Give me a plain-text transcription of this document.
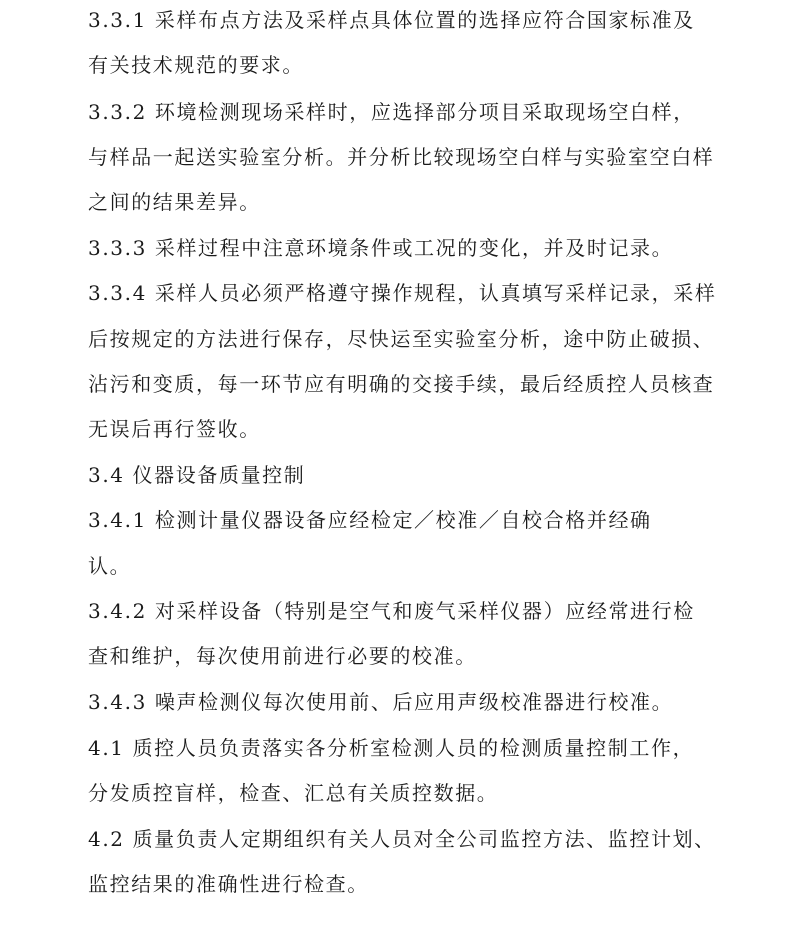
3.3.1 采样布点方法及采样点具体位置的选择应符合国家标准及

有关技术规范的要求。

3.3.2 环境检测现场采样时，应选择部分项目采取现场空白样，

与样品一起送实验室分析。并分析比较现场空白样与实验室空白样

之间的结果差异。

3.3.3 采样过程中注意环境条件或工况的变化，并及时记录。

3.3.4 采样人员必须严格遵守操作规程，认真填写采样记录，采样

后按规定的方法进行保存，尽快运至实验室分析，途中防止破损、

沾污和变质，每一环节应有明确的交接手续，最后经质控人员核查

无误后再行签收。

3.4 仪器设备质量控制

3.4.1 检测计量仪器设备应经检定／校准／自校合格并经确

认。

3.4.2 对采样设备（特别是空气和废气采样仪器）应经常进行检

查和维护，每次使用前进行必要的校准。

3.4.3 噪声检测仪每次使用前、后应用声级校准器进行校准。

4.1 质控人员负责落实各分析室检测人员的检测质量控制工作，

分发质控盲样，检查、汇总有关质控数据。

4.2 质量负责人定期组织有关人员对全公司监控方法、监控计划、

监控结果的准确性进行检查。
